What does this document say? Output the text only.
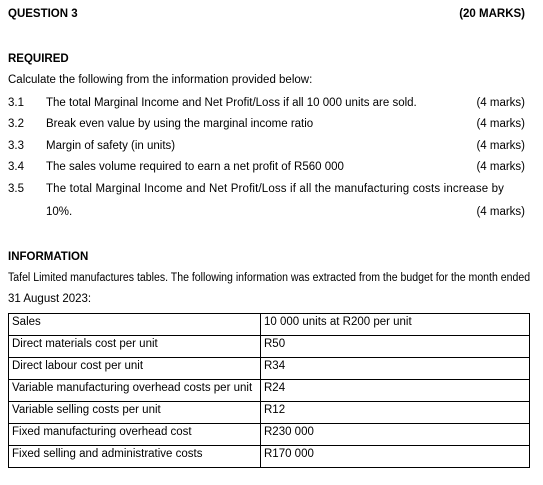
QUESTION 3	(20 MARKS)
REQUIRED
Calculate the following from the information provided below:
3.1 The total Marginal Income and Net Profit/Loss if all 10 000 units are sold.	(4 marks)
3.2 Break even value by using the marginal income ratio	(4 marks)
3.3 Margin of safety (in units)	(4 marks)
3.4 The sales volume required to earn a net profit of R560 000	(4 marks)
3.5 The total Marginal Income and Net Profit/Loss if all the manufacturing costs increase by
10%.	(4 marks)
INFORMATION
Tafel Limited manufactures tables. The following information was extracted from the budget for the month ended
31 August 2023:
Sales	10 000 units at R200 per unit
Direct materials cost per unit	R50
Direct labour cost per unit	R34
Variable manufacturing overhead costs per unit	R24
Variable selling costs per unit	R12
Fixed manufacturing overhead cost	R230 000
Fixed selling and administrative costs	R170 000
